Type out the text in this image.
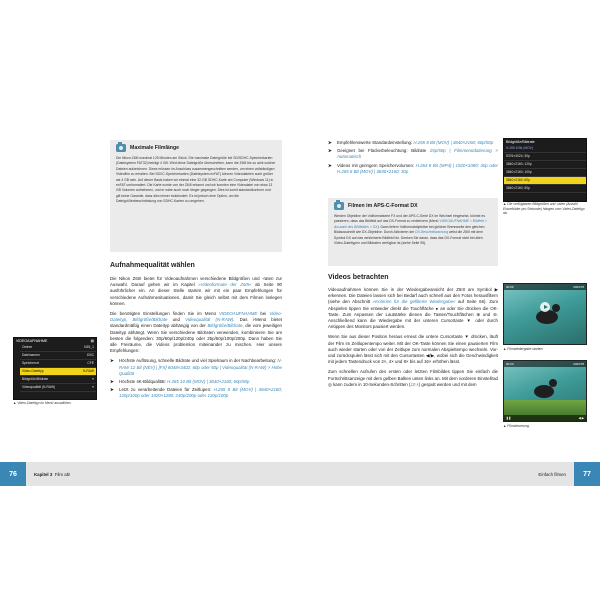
Maximale Filmlänge
Die Nikon Z6III maximal 125 Minuten am Stück. Die maximale Dateigröße bei SD/SDHC-Speicherkarten (Dateisystem FAT32) beträgt 4 GB. Wird diese Dateigröße überschritten, kann die Z6III bis zu acht solcher Dateien aufzeichnen. Diese müssen im Anschluss zusammengeschnitten werden, um einen vollständigen Videofilm zu erhalten. Bei SDXC-Speicherkarten (Dateisystem exFAT) können Videodateien auch größer als 4 GB sein. Auf dieser Basis haben wir einmal eine 32-GB SDHC-Karte am Computer (Windows 11) in exFAT umformatiert. Die Karte wurde von der Z6III erkannt und wir konnten eine Videodatei von etwa 13 GB Volumen aufnehmen, und er wäre auch noch länger gegangen. Dies ist somit standardkonform und gilt keine Garantie, dass dies immer funktioniert. Es ist jedoch eine Option, um die Dateigrößenbeschränkung von SDHC-Karten zu umgehen.
Aufnahmequalität wählen

Die Nikon Z6III bietet für Videoaufnahmen verschiedene Bildgrößen und -raten zur Auswahl. Darauf gehen wir im Kapitel »Videoformate der Z6III« ab Seite 90 ausführlicher ein. An dieser Stelle starten wir mit ein paar Empfehlungen für verschiedene Aufnahmesituationen, damit Sie gleich selbst mit dem Filmen loslegen können.

Die benötigten Einstellungen finden Sie im Menü VIDEOAUFNAHME bei Video-Dateityp, Bildgröße/Bildrate und Videoqualität (N-RAW). Das i-Menü bietet standardmäßig einen Dateityp abhängig von der Bildgröße/Bildrate, die vom jeweiligen Dateityp abhängt. Wenn Sie verschiedene Bildraten verwenden, kombinieren Sie am besten die folgenden: 30p/60p/120p/240p oder 25p/50p/100p/200p. Dann haben Sie alle Freiräume, die Videos problemlos miteinander zu mischen. Hier unsere Empfehlungen:

➤ Höchste Auflösung, schnelle Bildrate und viel Spielraum in der Nachbearbeitung: N-RAW 12 Bit (NEV) | [FX] 6048×3402; 60p oder 50p | Videoqualität (N-RAW) > Hohe Qualität
➤ Höchste 4K-Bildqualität: H.265 10 Bit (MOV) | 3840×2160; 60p/50p
➤ Letzt zu verarbeitende Dateien für Zeitlupen: H.265 8 Bit (MOV) | 3840×2160; 120p/100p oder 1920×1280; 240p/200p oder 120p/100p
VIDEOAUFNAHME	▤
Ordner	NZ6_1
Dateinamen	DSC
Speicherort	CFE
Video-Dateityp	N-RAW
Bildgröße/Bildrate	≡
Videoqualität (N-RAW)	≡
▲ Video-Dateityp im Menü auswählen.
76	Kapitel 3 Film ab!
➤ Empfehlenswerte Standardeinstellung: H.265 8 Bit (MOV) | 3840×2160; 60p/50p
➤ Geeignet bei Flackerbeleuchtung: Bildrate 25p/50p | Filmmenüdatierung > Automatisch
➤ Videos mit geringem Speichervolumen: H.264 8 Bit (MP4) | 1920×1080; 30p oder H.265 8 Bit (MOV) | 3840×2160; 30p
Bildgröße/Bildrate
H.265 8 Bit (MOV)
5376×3024; 30p
3840×2160; 120p
3840×2160; 100p
3840×2160; 60p
3840×2160; 50p
▲ Die verfügbaren Bildgrößen und -raten (Anzahl Einzelbilder pro Sekunde) hängen vom Video-Dateityp ab.
Filmen im APS-C-Format DX
Werden Objektive der Vollformatserie FX und der APS-C-Serie DX im Wechsel eingesetzt, könnte es passieren, dass das Bildfeld auf das DX-Format zu verkleinern (Menü VIDEOAUFNAHME > Bildfeld > Auswahl des Bildfeldes > DX). Dann liefern Vollformatobjektive bei gleicher Brennweite den gleichen Bildausschnitt wie DX-Objektive. Durch Aktivieren der DX-Beschnittwarnung weist die Z6III mit dem Symbol DX auf das verkleinerte Bildfeld hin. Denken Sie daran, dass das DX-Format nicht bei allen Video-Dateitypen und Bildraten verfügbar ist (siehe Seite 95).
Videos betrachten

Videoaufnahmen können Sie in der Wiedergabeansicht der Z6III am Symbol ▶ erkennen. Die Dateien lassen sich bei Bedarf auch schnell aus den Fotos herausfiltern (siehe den Abschnitt »Kriterien für die gefilterte Wiedergabe« auf Seite 66). Zum Abspielen tippen Sie entweder direkt die Touchfläche ● an oder Sie drücken die OK-Taste. Zum Anpassen der Lautstärke dienen die Tasten/Touchflächen ⊕ und ⊖. Anschließend kann die Wiedergabe mit der unteren Cursortaste ▼ oder durch Antippen des Monitors pausiert werden.

Wenn Sie aus dieser Position heraus erneut die untere Cursortaste ▼ drücken, läuft der Film im Zeitlupentempo weiter. Mit der OK-Taste können Sie einen pausierten Film auch wieder starten oder von der Zeitlupe zum normalen Abspieltempo wechseln. Vor- und zurückspulen lässt sich mit den Cursortasten ◀/▶, wobei sich die Geschwindigkeit mit jedem Tastendruck von 2×, 4× und 8× bis auf 16× erhöhen lässt.

Zum schnellen Aufrufen des ersten oder letzten Filmbildes tippen Sie einfach die Fortschrittsanzeige mit dem gelben Balken unten links an. Mit dem vorderen Einstellrad ◎ kann zudem in 10-Sekunden-Schritten (10 s) gespult werden und mit dem

00:09	100/278
▲ Filmwiedergabe starten.
00:23	100/278
❚❚	◀ ▶
▲ Filmsteuerung.
Einfach filmen	77
